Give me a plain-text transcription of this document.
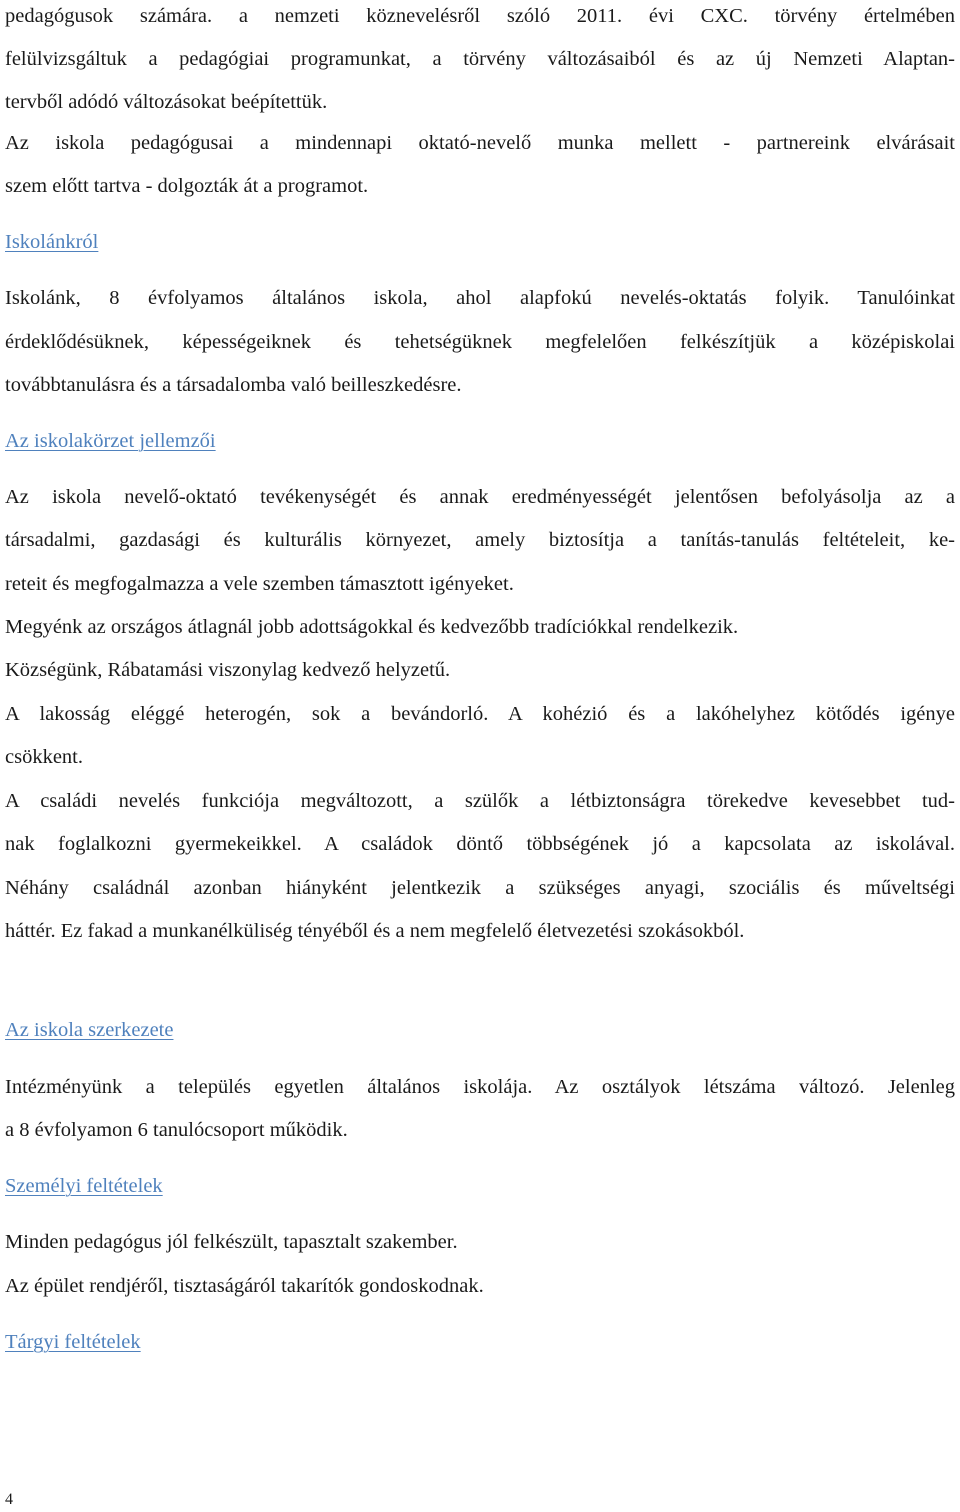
pedagógusok számára. a nemzeti köznevelésről szóló 2011. évi CXC. törvény értelmében
felülvizsgáltuk a pedagógiai programunkat, a törvény változásaiból és az új Nemzeti Alaptan-
tervből adódó változásokat beépítettük.
Az iskola pedagógusai a mindennapi oktató-nevelő munka mellett - partnereink elvárásait
szem előtt tartva - dolgozták át a programot.
Iskolánkról
Iskolánk, 8 évfolyamos általános iskola, ahol alapfokú nevelés-oktatás folyik. Tanulóinkat
érdeklődésüknek, képességeiknek és tehetségüknek megfelelően felkészítjük a középiskolai
továbbtanulásra és a társadalomba való beilleszkedésre.
Az iskolakörzet jellemzői
Az iskola nevelő-oktató tevékenységét és annak eredményességét jelentősen befolyásolja az a
társadalmi, gazdasági és kulturális környezet, amely biztosítja a tanítás-tanulás feltételeit, ke-
reteit és megfogalmazza a vele szemben támasztott igényeket.
Megyénk az országos átlagnál jobb adottságokkal és kedvezőbb tradíciókkal rendelkezik.
Községünk, Rábatamási viszonylag kedvező helyzetű.
A lakosság eléggé heterogén, sok a bevándorló. A kohézió és a lakóhelyhez kötődés igénye
csökkent.
A családi nevelés funkciója megváltozott, a szülők a létbiztonságra törekedve kevesebbet tud-
nak foglalkozni gyermekeikkel. A családok döntő többségének jó a kapcsolata az iskolával.
Néhány családnál azonban hiányként jelentkezik a szükséges anyagi, szociális és műveltségi
háttér. Ez fakad a munkanélküliség tényéből és a nem megfelelő életvezetési szokásokból.
Az iskola szerkezete
Intézményünk a település egyetlen általános iskolája. Az osztályok létszáma változó. Jelenleg
a 8 évfolyamon 6 tanulócsoport működik.
Személyi feltételek
Minden pedagógus jól felkészült, tapasztalt szakember.
Az épület rendjéről, tisztaságáról takarítók gondoskodnak.
Tárgyi feltételek
4
